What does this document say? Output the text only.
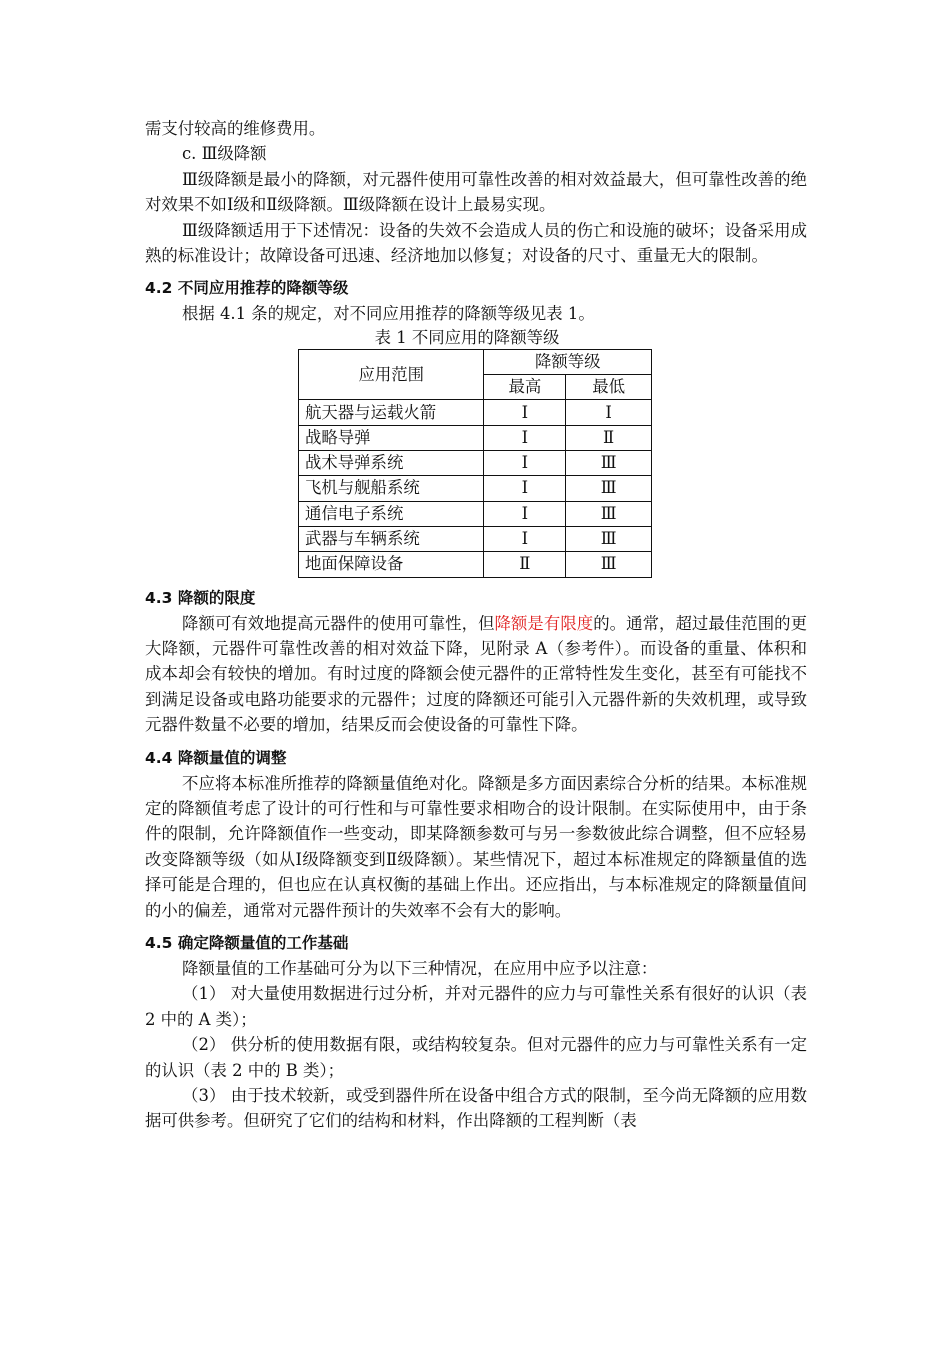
需支付较高的维修费用。

c. Ⅲ级降额

Ⅲ级降额是最小的降额，对元器件使用可靠性改善的相对效益最大，但可靠性改善的绝对效果不如Ⅰ级和Ⅱ级降额。Ⅲ级降额在设计上最易实现。

Ⅲ级降额适用于下述情况：设备的失效不会造成人员的伤亡和设施的破坏；设备采用成熟的标准设计；故障设备可迅速、经济地加以修复；对设备的尺寸、重量无大的限制。

4.2 不同应用推荐的降额等级

根据 4.1 条的规定，对不同应用推荐的降额等级见表 1。

表 1 不同应用的降额等级

应用范围	降额等级	
	最高	最低
航天器与运载火箭	Ⅰ	Ⅰ
战略导弹	Ⅰ	Ⅱ
战术导弹系统	Ⅰ	Ⅲ
飞机与舰船系统	Ⅰ	Ⅲ
通信电子系统	Ⅰ	Ⅲ
武器与车辆系统	Ⅰ	Ⅲ
地面保障设备	Ⅱ	Ⅲ

4.3 降额的限度

降额可有效地提高元器件的使用可靠性，但降额是有限度的。通常，超过最佳范围的更大降额，元器件可靠性改善的相对效益下降，见附录 A（参考件）。而设备的重量、体积和成本却会有较快的增加。有时过度的降额会使元器件的正常特性发生变化，甚至有可能找不到满足设备或电路功能要求的元器件；过度的降额还可能引入元器件新的失效机理，或导致元器件数量不必要的增加，结果反而会使设备的可靠性下降。

4.4 降额量值的调整

不应将本标准所推荐的降额量值绝对化。降额是多方面因素综合分析的结果。本标准规定的降额值考虑了设计的可行性和与可靠性要求相吻合的设计限制。在实际使用中，由于条件的限制，允许降额值作一些变动，即某降额参数可与另一参数彼此综合调整，但不应轻易改变降额等级（如从Ⅰ级降额变到Ⅱ级降额）。某些情况下，超过本标准规定的降额量值的选择可能是合理的，但也应在认真权衡的基础上作出。还应指出，与本标准规定的降额量值间的小的偏差，通常对元器件预计的失效率不会有大的影响。

4.5 确定降额量值的工作基础

降额量值的工作基础可分为以下三种情况，在应用中应予以注意：

（1） 对大量使用数据进行过分析，并对元器件的应力与可靠性关系有很好的认识（表 2 中的 A 类）；

（2） 供分析的使用数据有限，或结构较复杂。但对元器件的应力与可靠性关系有一定的认识（表 2 中的 B 类）；

（3） 由于技术较新，或受到器件所在设备中组合方式的限制，至今尚无降额的应用数据可供参考。但研究了它们的结构和材料，作出降额的工程判断（表
